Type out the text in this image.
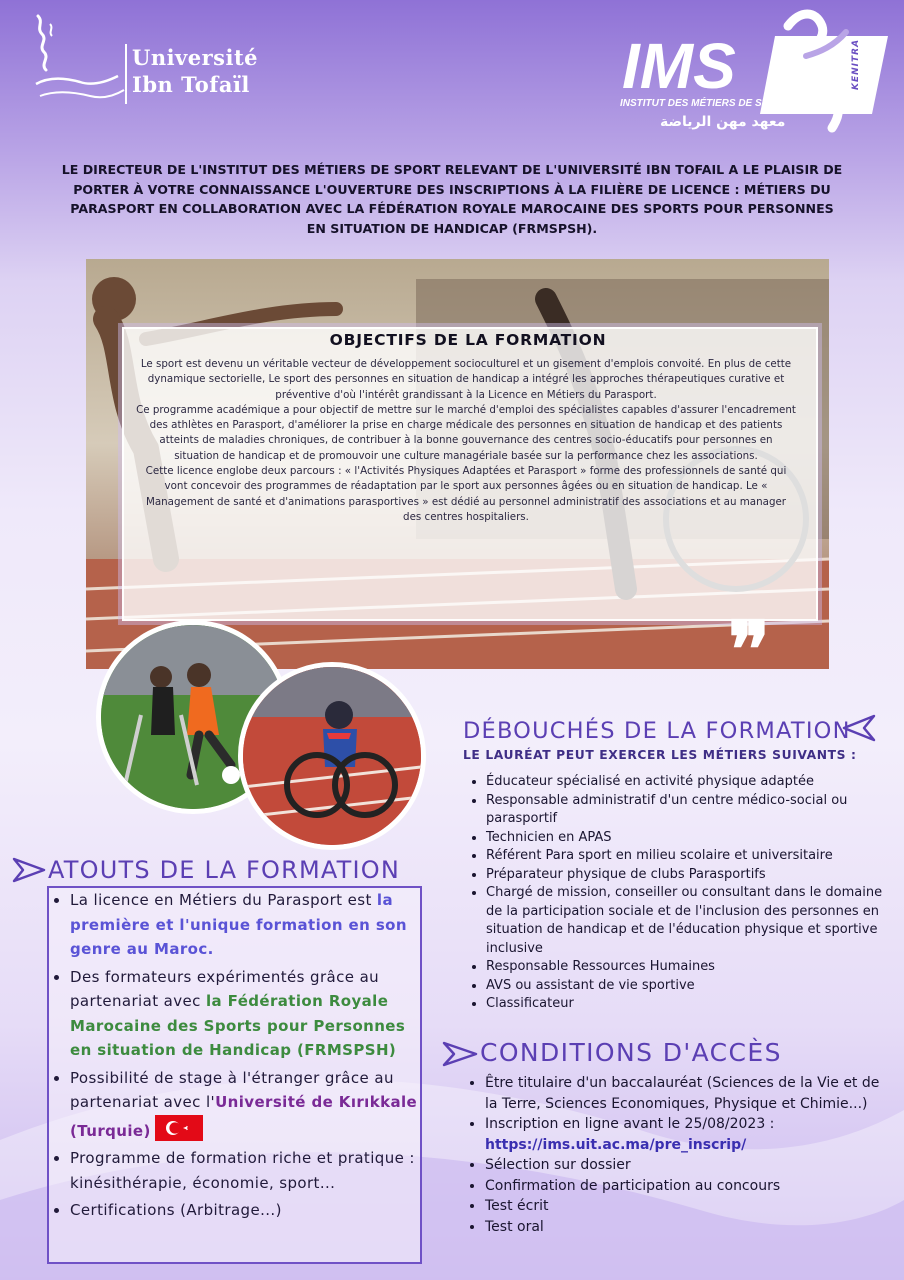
Université
Ibn Tofaïl	IMS
INSTITUT DES MÉTIERS DE SPORT
معهد مهن الرياضة
KENITRA
LE DIRECTEUR DE L'INSTITUT DES MÉTIERS DE SPORT RELEVANT DE L'UNIVERSITÉ IBN TOFAIL A LE PLAISIR DE PORTER À VOTRE CONNAISSANCE L'OUVERTURE DES INSCRIPTIONS À LA FILIÈRE DE LICENCE : MÉTIERS DU PARASPORT EN COLLABORATION AVEC LA FÉDÉRATION ROYALE MAROCAINE DES SPORTS POUR PERSONNES EN SITUATION DE HANDICAP (FRMSPSH).
OBJECTIFS DE LA FORMATION

Le sport est devenu un véritable vecteur de développement socioculturel et un gisement d'emplois convoité. En plus de cette dynamique sectorielle, Le sport des personnes en situation de handicap a intégré les approches thérapeutiques curative et préventive d'où l'intérêt grandissant à la Licence en Métiers du Parasport.

Ce programme académique a pour objectif de mettre sur le marché d'emploi des spécialistes capables d'assurer l'encadrement des athlètes en Parasport, d'améliorer la prise en charge médicale des personnes en situation de handicap et des patients atteints de maladies chroniques, de contribuer à la bonne gouvernance des centres socio-éducatifs pour personnes en situation de handicap et de promouvoir une culture managériale basée sur la performance chez les associations.

Cette licence englobe deux parcours : « l'Activités Physiques Adaptées et Parasport » forme des professionnels de santé qui vont concevoir des programmes de réadaptation par le sport aux personnes âgées ou en situation de handicap. Le « Management de santé et d'animations parasportives » est dédié au personnel administratif des associations et au manager des centres hospitaliers.

❞
DÉBOUCHÉS DE LA FORMATION
LE LAURÉAT PEUT EXERCER LES MÉTIERS SUIVANTS :
• Éducateur spécialisé en activité physique adaptée
• Responsable administratif d'un centre médico-social ou parasportif
• Technicien en APAS
• Référent Para sport en milieu scolaire et universitaire
• Préparateur physique de clubs Parasportifs
• Chargé de mission, conseiller ou consultant dans le domaine de la participation sociale et de l'inclusion des personnes en situation de handicap et de l'éducation physique et sportive inclusive
• Responsable Ressources Humaines
• AVS ou assistant de vie sportive
• Classificateur
ATOUTS DE LA FORMATION
• La licence en Métiers du Parasport est la première et l'unique formation en son genre au Maroc.
• Des formateurs expérimentés grâce au partenariat avec la Fédération Royale Marocaine des Sports pour Personnes en situation de Handicap (FRMSPSH)
• Possibilité de stage à l'étranger grâce au partenariat avec l'Université de Kırıkkale (Turquie)
• Programme de formation riche et pratique : kinésithérapie, économie, sport...
• Certifications (Arbitrage...)
CONDITIONS D'ACCÈS
• Être titulaire d'un baccalauréat (Sciences de la Vie et de la Terre, Sciences Economiques, Physique et Chimie...)
• Inscription en ligne avant le 25/08/2023 :
https://ims.uit.ac.ma/pre_inscrip/
• Sélection sur dossier
• Confirmation de participation au concours
• Test écrit
• Test oral
